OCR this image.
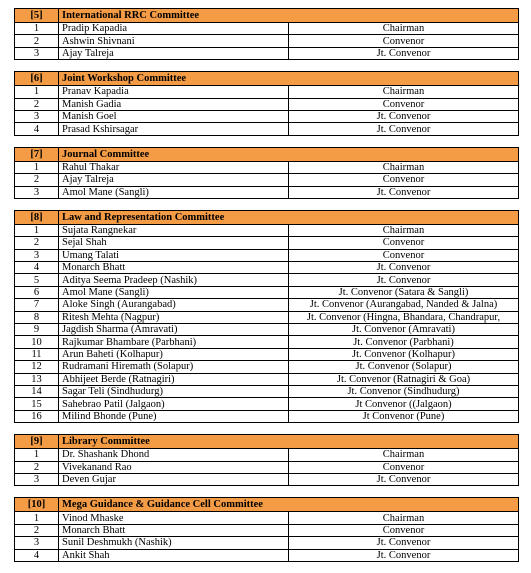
[5]	International RRC Committee	
1	Pradip Kapadia	Chairman
2	Ashwin Shivnani	Convenor
3	Ajay Talreja	Jt. Convenor
[6]	Joint Workshop Committee	
1	Pranav Kapadia	Chairman
2	Manish Gadia	Convenor
3	Manish Goel	Jt. Convenor
4	Prasad Kshirsagar	Jt. Convenor
[7]	Journal Committee	
1	Rahul Thakar	Chairman
2	Ajay Talreja	Convenor
3	Amol Mane (Sangli)	Jt. Convenor
[8]	Law and Representation Committee	
1	Sujata Rangnekar	Chairman
2	Sejal Shah	Convenor
3	Umang Talati	Convenor
4	Monarch Bhatt	Jt. Convenor
5	Aditya Seema Pradeep (Nashik)	Jt. Convenor
6	Amol Mane (Sangli)	Jt. Convenor (Satara & Sangli)
7	Aloke Singh (Aurangabad)	Jt. Convenor (Aurangabad, Nanded & Jalna)
8	Ritesh Mehta (Nagpur)	Jt. Convenor (Hingna, Bhandara, Chandrapur,
9	Jagdish Sharma (Amravati)	Jt. Convenor (Amravati)
10	Rajkumar Bhambare (Parbhani)	Jt. Convenor (Parbhani)
11	Arun Baheti (Kolhapur)	Jt. Convenor (Kolhapur)
12	Rudramani Hiremath (Solapur)	Jt. Convenor (Solapur)
13	Abhijeet Berde (Ratnagiri)	Jt. Convenor (Ratnagiri & Goa)
14	Sagar Teli (Sindhudurg)	Jt. Convenor (Sindhudurg)
15	Sahebrao Patil (Jalgaon)	Jt Convenor ((Jalgaon)
16	Milind Bhonde (Pune)	Jt Convenor (Pune)
[9]	Library Committee	
1	Dr. Shashank Dhond	Chairman
2	Vivekanand Rao	Convenor
3	Deven Gujar	Jt. Convenor
[10]	Mega Guidance & Guidance Cell Committee	
1	Vinod Mhaske	Chairman
2	Monarch Bhatt	Convenor
3	Sunil Deshmukh (Nashik)	Jt. Convenor
4	Ankit Shah	Jt. Convenor
